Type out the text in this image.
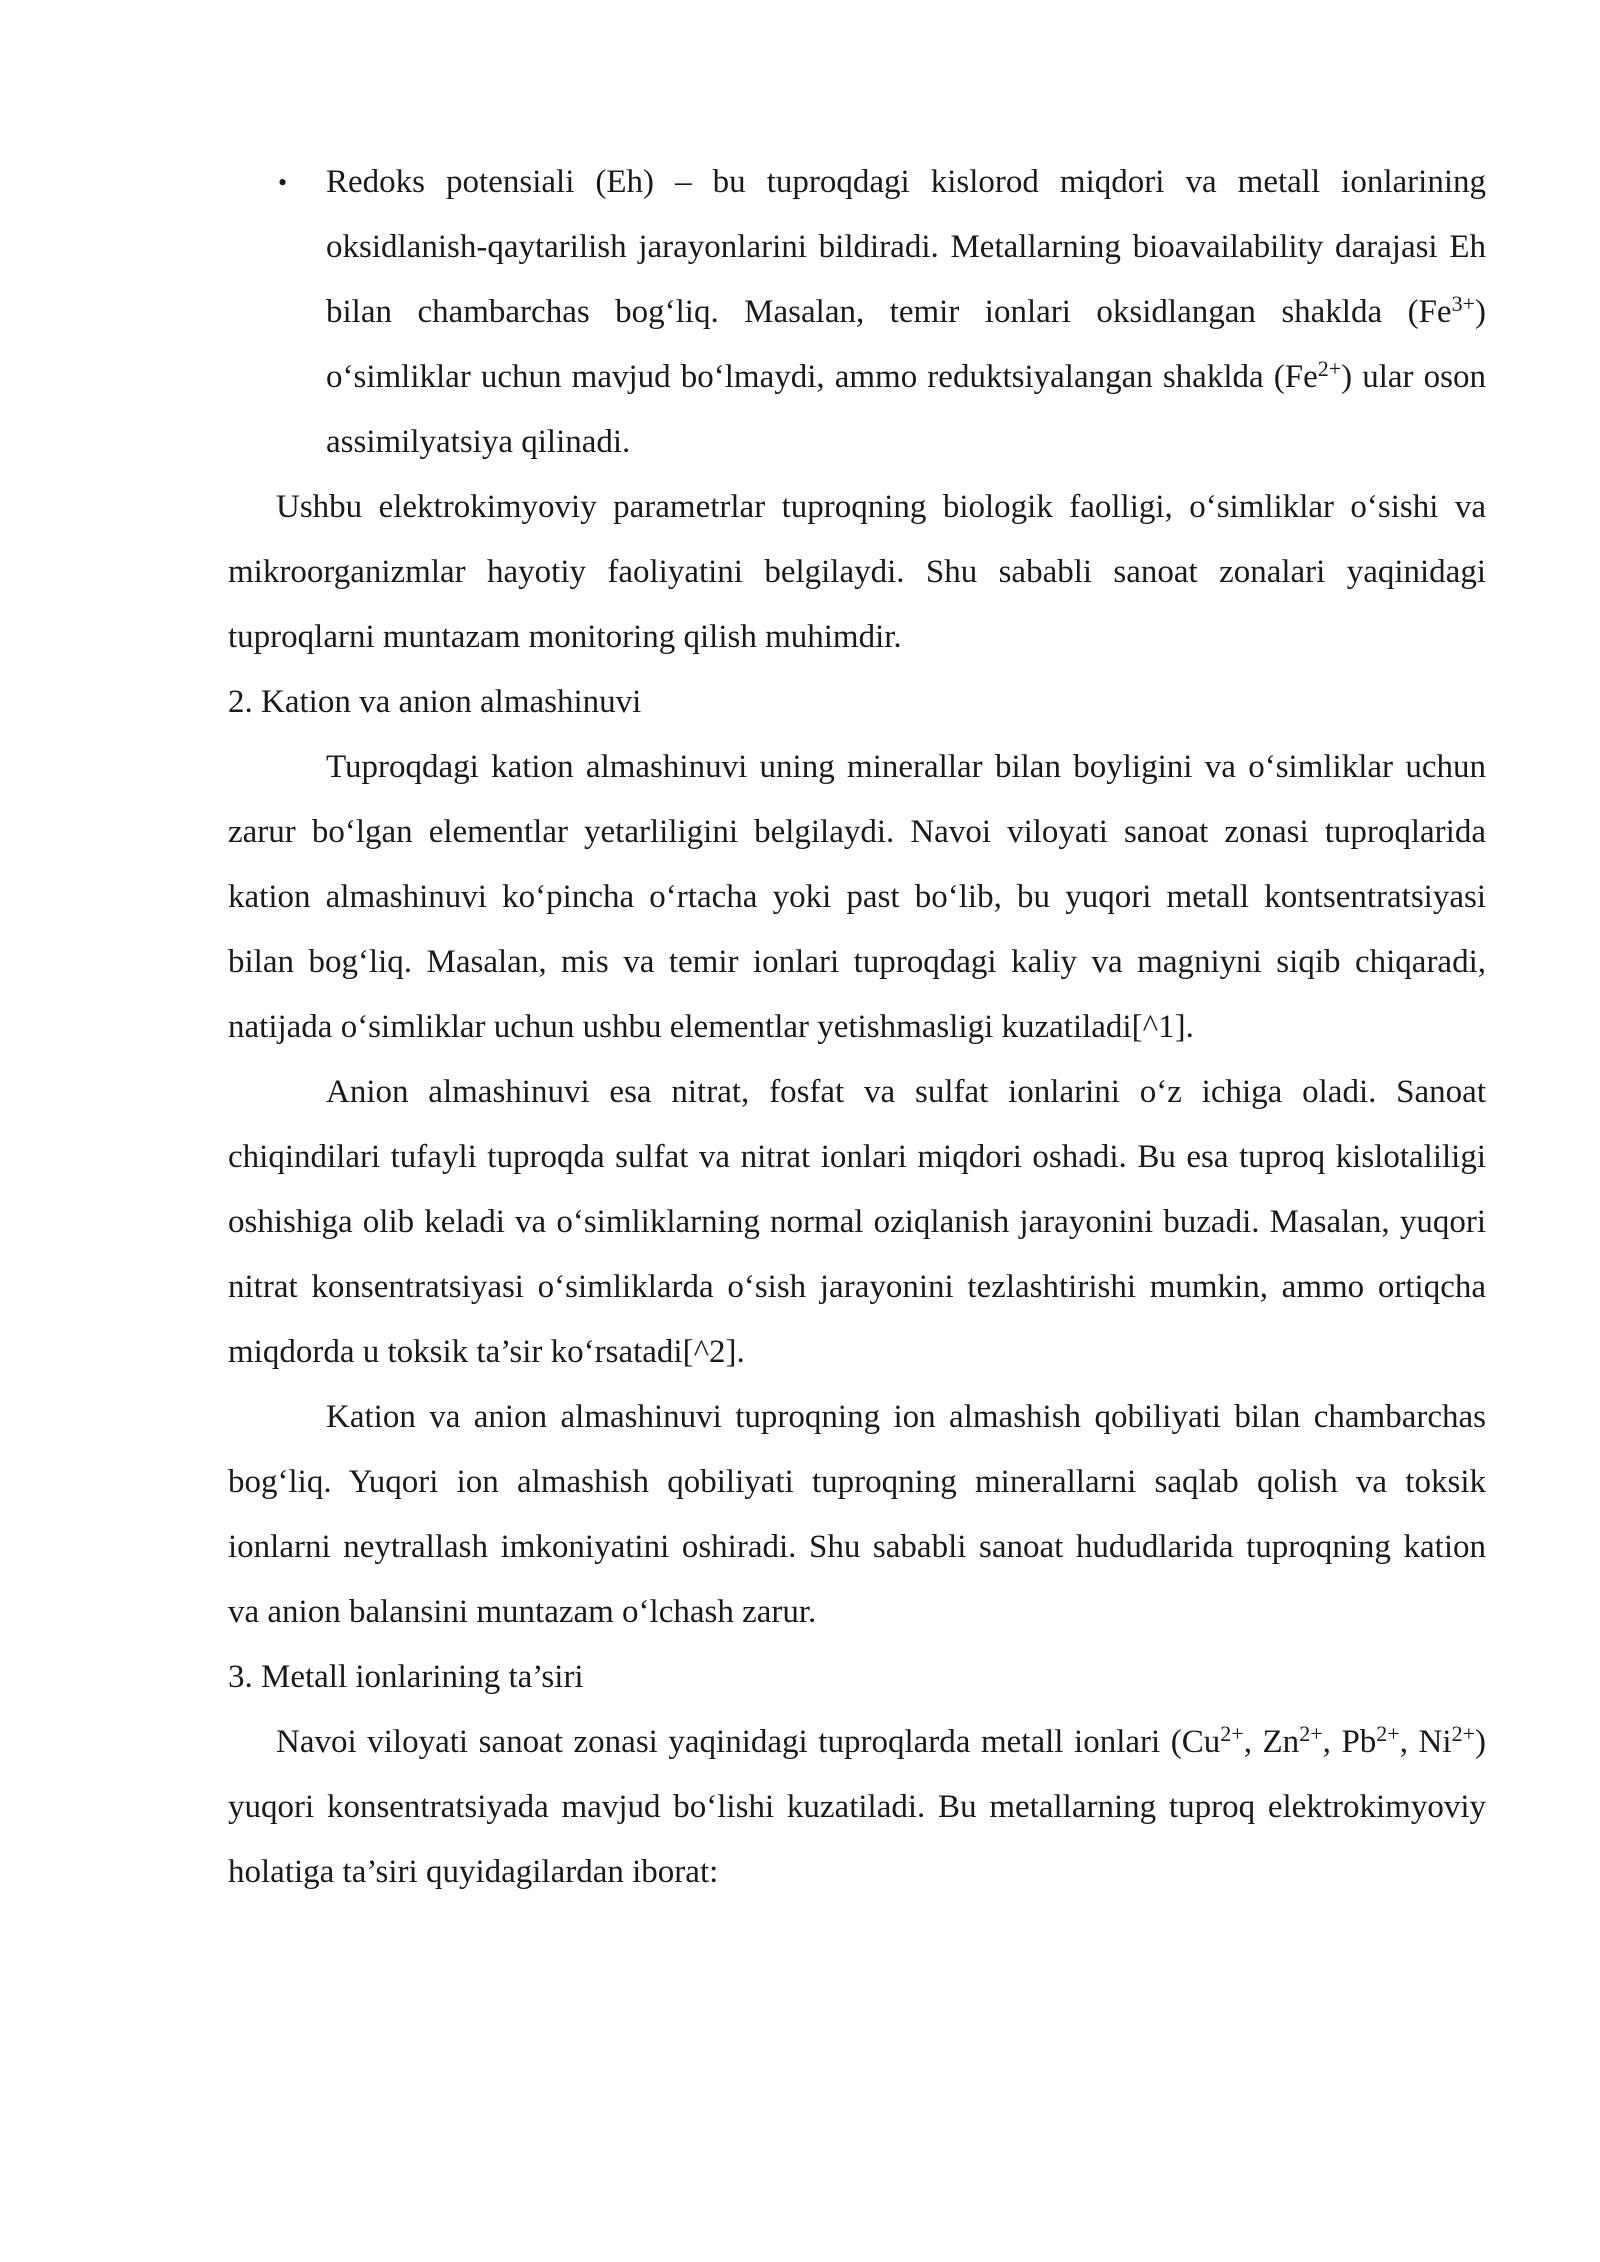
• Redoks potensiali (Eh) – bu tuproqdagi kislorod miqdori va metall ionlarining oksidlanish-qaytarilish jarayonlarini bildiradi. Metallarning bioavailability darajasi Eh bilan chambarchas bog‘liq. Masalan, temir ionlari oksidlangan shaklda $(Fe^{3+})$ o‘simliklar uchun mavjud bo‘lmaydi, ammo reduktsiyalangan shaklda $(Fe^{2+})$ ular oson assimilyatsiya qilinadi.

Ushbu elektrokimyoviy parametrlar tuproqning biologik faolligi, o‘simliklar o‘sishi va mikroorganizmlar hayotiy faoliyatini belgilaydi. Shu sababli sanoat zonalari yaqinidagi tuproqlarni muntazam monitoring qilish muhimdir.

2. Kation va anion almashinuvi

Tuproqdagi kation almashinuvi uning minerallar bilan boyligini va o‘simliklar uchun zarur bo‘lgan elementlar yetarliligini belgilaydi. Navoi viloyati sanoat zonasi tuproqlarida kation almashinuvi ko‘pincha o‘rtacha yoki past bo‘lib, bu yuqori metall kontsentratsiyasi bilan bog‘liq. Masalan, mis va temir ionlari tuproqdagi kaliy va magniyni siqib chiqaradi, natijada o‘simliklar uchun ushbu elementlar yetishmasligi kuzatiladi[^1].

Anion almashinuvi esa nitrat, fosfat va sulfat ionlarini o‘z ichiga oladi. Sanoat chiqindilari tufayli tuproqda sulfat va nitrat ionlari miqdori oshadi. Bu esa tuproq kislotaliligi oshishiga olib keladi va o‘simliklarning normal oziqlanish jarayonini buzadi. Masalan, yuqori nitrat konsentratsiyasi o‘simliklarda o‘sish jarayonini tezlashtirishi mumkin, ammo ortiqcha miqdorda u toksik ta’sir ko‘rsatadi[^2].

Kation va anion almashinuvi tuproqning ion almashish qobiliyati bilan chambarchas bog‘liq. Yuqori ion almashish qobiliyati tuproqning minerallarni saqlab qolish va toksik ionlarni neytrallash imkoniyatini oshiradi. Shu sababli sanoat hududlarida tuproqning kation va anion balansini muntazam o‘lchash zarur.

3. Metall ionlarining ta’siri

Navoi viloyati sanoat zonasi yaqinidagi tuproqlarda metall ionlari ($Cu^{2+}$, $Zn^{2+}$, $Pb^{2+}$, $Ni^{2+}$) yuqori konsentratsiyada mavjud bo‘lishi kuzatiladi. Bu metallarning tuproq elektrokimyoviy holatiga ta’siri quyidagilardan iborat:
